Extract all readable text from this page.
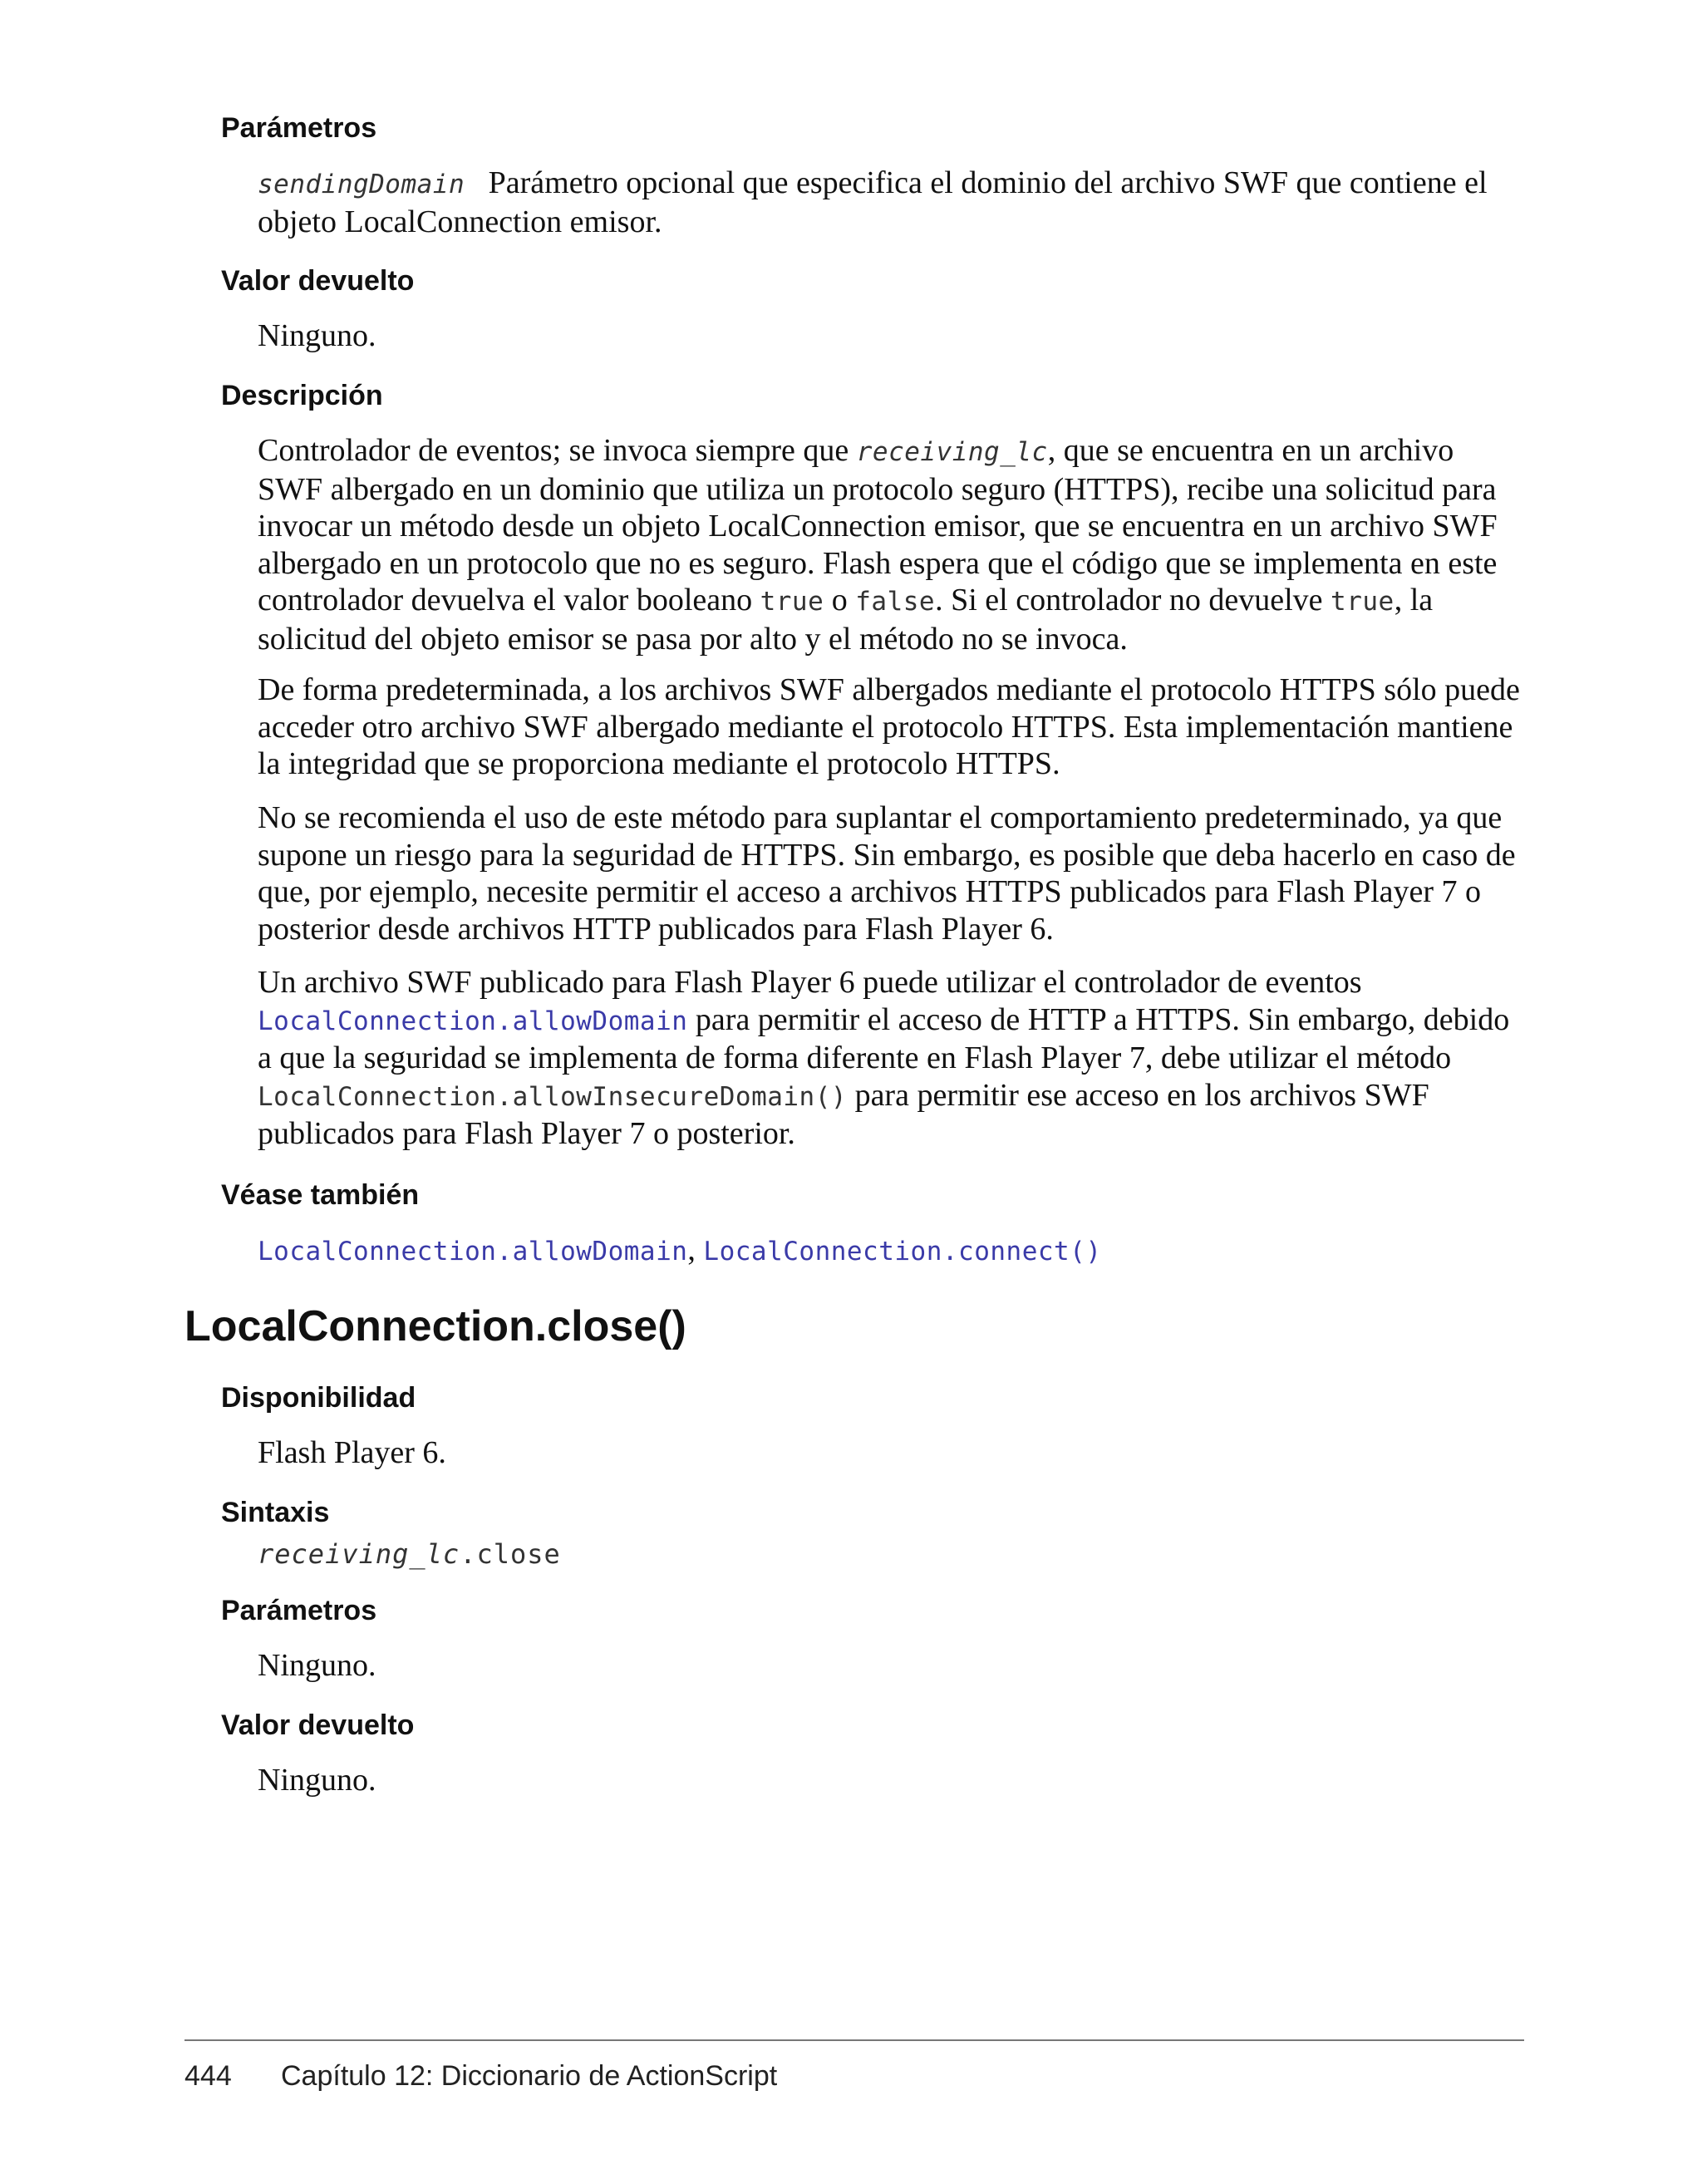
Parámetros

sendingDomain Parámetro opcional que especifica el dominio del archivo SWF que contiene el objeto LocalConnection emisor.

Valor devuelto

Ninguno.

Descripción

Controlador de eventos; se invoca siempre que receiving_lc, que se encuentra en un archivo SWF albergado en un dominio que utiliza un protocolo seguro (HTTPS), recibe una solicitud para invocar un método desde un objeto LocalConnection emisor, que se encuentra en un archivo SWF albergado en un protocolo que no es seguro. Flash espera que el código que se implementa en este controlador devuelva el valor booleano true o false. Si el controlador no devuelve true, la solicitud del objeto emisor se pasa por alto y el método no se invoca.

De forma predeterminada, a los archivos SWF albergados mediante el protocolo HTTPS sólo puede acceder otro archivo SWF albergado mediante el protocolo HTTPS. Esta implementación mantiene la integridad que se proporciona mediante el protocolo HTTPS.

No se recomienda el uso de este método para suplantar el comportamiento predeterminado, ya que supone un riesgo para la seguridad de HTTPS. Sin embargo, es posible que deba hacerlo en caso de que, por ejemplo, necesite permitir el acceso a archivos HTTPS publicados para Flash Player 7 o posterior desde archivos HTTP publicados para Flash Player 6.

Un archivo SWF publicado para Flash Player 6 puede utilizar el controlador de eventos LocalConnection.allowDomain para permitir el acceso de HTTP a HTTPS. Sin embargo, debido a que la seguridad se implementa de forma diferente en Flash Player 7, debe utilizar el método LocalConnection.allowInsecureDomain() para permitir ese acceso en los archivos SWF publicados para Flash Player 7 o posterior.

Véase también

LocalConnection.allowDomain, LocalConnection.connect()

LocalConnection.close()
Disponibilidad

Flash Player 6.

Sintaxis
receiving_lc.close
Parámetros

Ninguno.

Valor devuelto

Ninguno.

444 Capítulo 12: Diccionario de ActionScript
